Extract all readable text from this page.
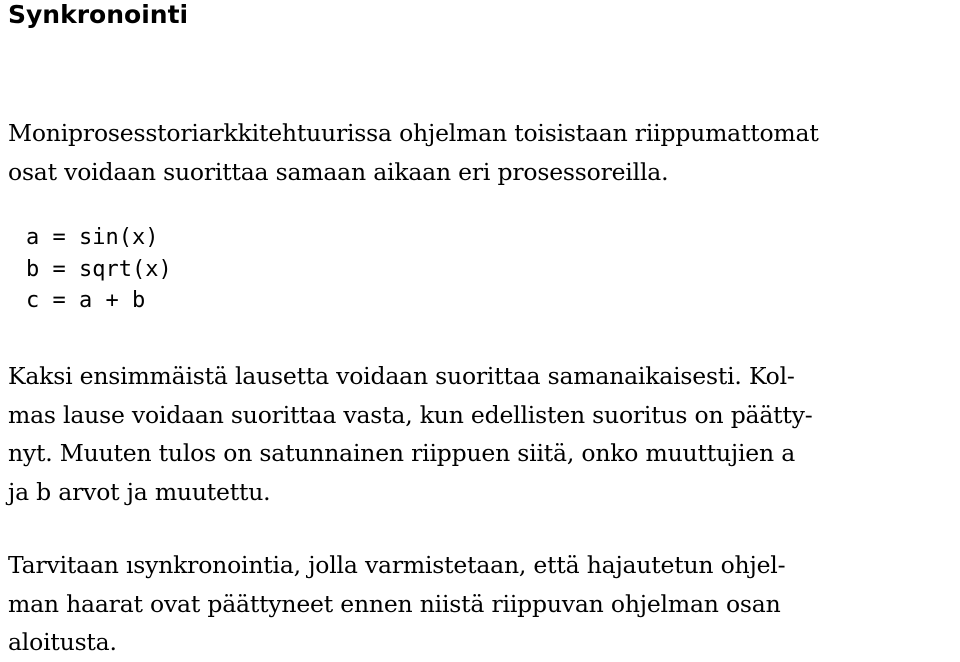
Synkronointi

Moniprosesstoriarkkitehtuurissa ohjelman toisistaan riippumattomat
osat voidaan suorittaa samaan aikaan eri prosessoreilla.

a = sin(x)
b = sqrt(x)
c = a + b

Kaksi ensimmäistä lausetta voidaan suorittaa samanaikaisesti. Kol-
mas lause voidaan suorittaa vasta, kun edellisten suoritus on päätty-
nyt. Muuten tulos on satunnainen riippuen siitä, onko muuttujien a
ja b arvot ja muutettu.

Tarvitaan ısynkronointia, jolla varmistetaan, että hajautetun ohjel-
man haarat ovat päättyneet ennen niistä riippuvan ohjelman osan
aloitusta.
